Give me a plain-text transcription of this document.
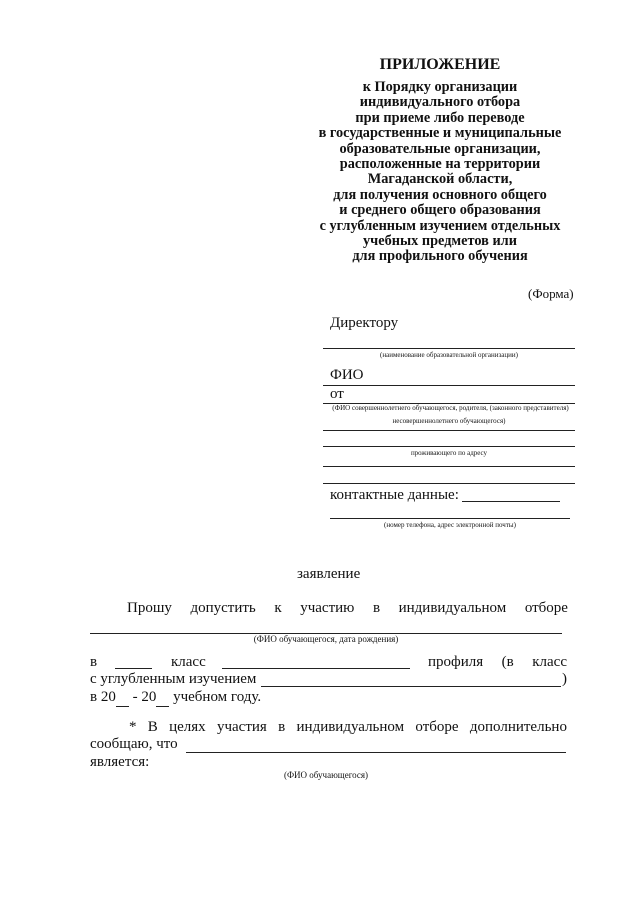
ПРИЛОЖЕНИЕ
к Порядку организации
индивидуального отбора
при приеме либо переводе
в государственные и муниципальные
образовательные организации,
расположенные на территории
Магаданской области,
для получения основного общего
и среднего общего образования
с углубленным изучением отдельных
учебных предметов или
для профильного обучения
(Форма)
Директору
(наименование образовательной организации)
ФИО
от
(ФИО совершеннолетнего обучающегося, родителя, (законного представителя)
несовершеннолетнего обучающегося)
проживающего по адресу
контактные данные:
(номер телефона, адрес электронной почты)
заявление
Прошу допустить к участию в индивидуальном отборе
(ФИО обучающегося, дата рождения)
в	класс	профиля (в класс
с углубленным изучением	)
в 20  - 20  учебном году.
* В целях участия в индивидуальном отборе дополнительно
сообщаю, что
является:
(ФИО обучающегося)
